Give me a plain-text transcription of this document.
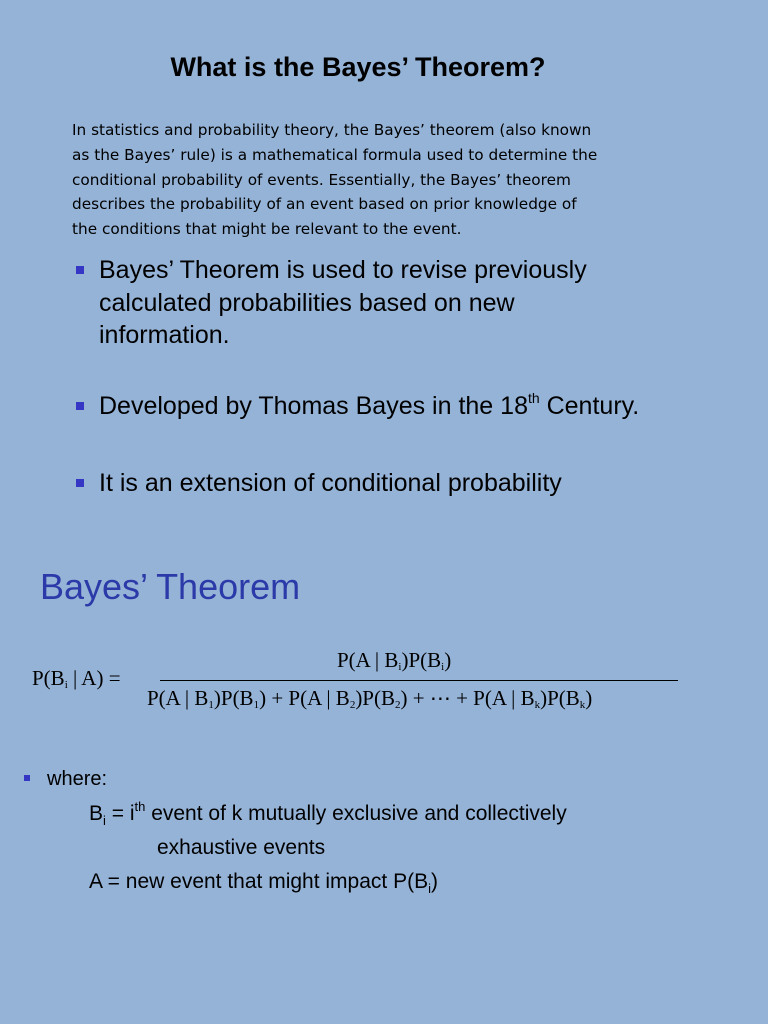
What is the Bayes’ Theorem?
In statistics and probability theory, the Bayes’ theorem (also known
as the Bayes’ rule) is a mathematical formula used to determine the
conditional probability of events. Essentially, the Bayes’ theorem
describes the probability of an event based on prior knowledge of
the conditions that might be relevant to the event.
Bayes’ Theorem is used to revise previously
calculated probabilities based on new
information.
Developed by Thomas Bayes in the 18th Century.
It is an extension of conditional probability
Bayes’ Theorem
$P(B_i$ | A) =
P(A | $B_i)P(B_i)$
P(A | $B_1)P(B_1) + P(A$ | $B_2)P(B_2)$ + ⋯ + P(A | $B_k)P(B_k)$
where:
$B_i = i^{th}$ event of k mutually exclusive and collectively
exhaustive events
A = new event that might impact $P(B_i)$
